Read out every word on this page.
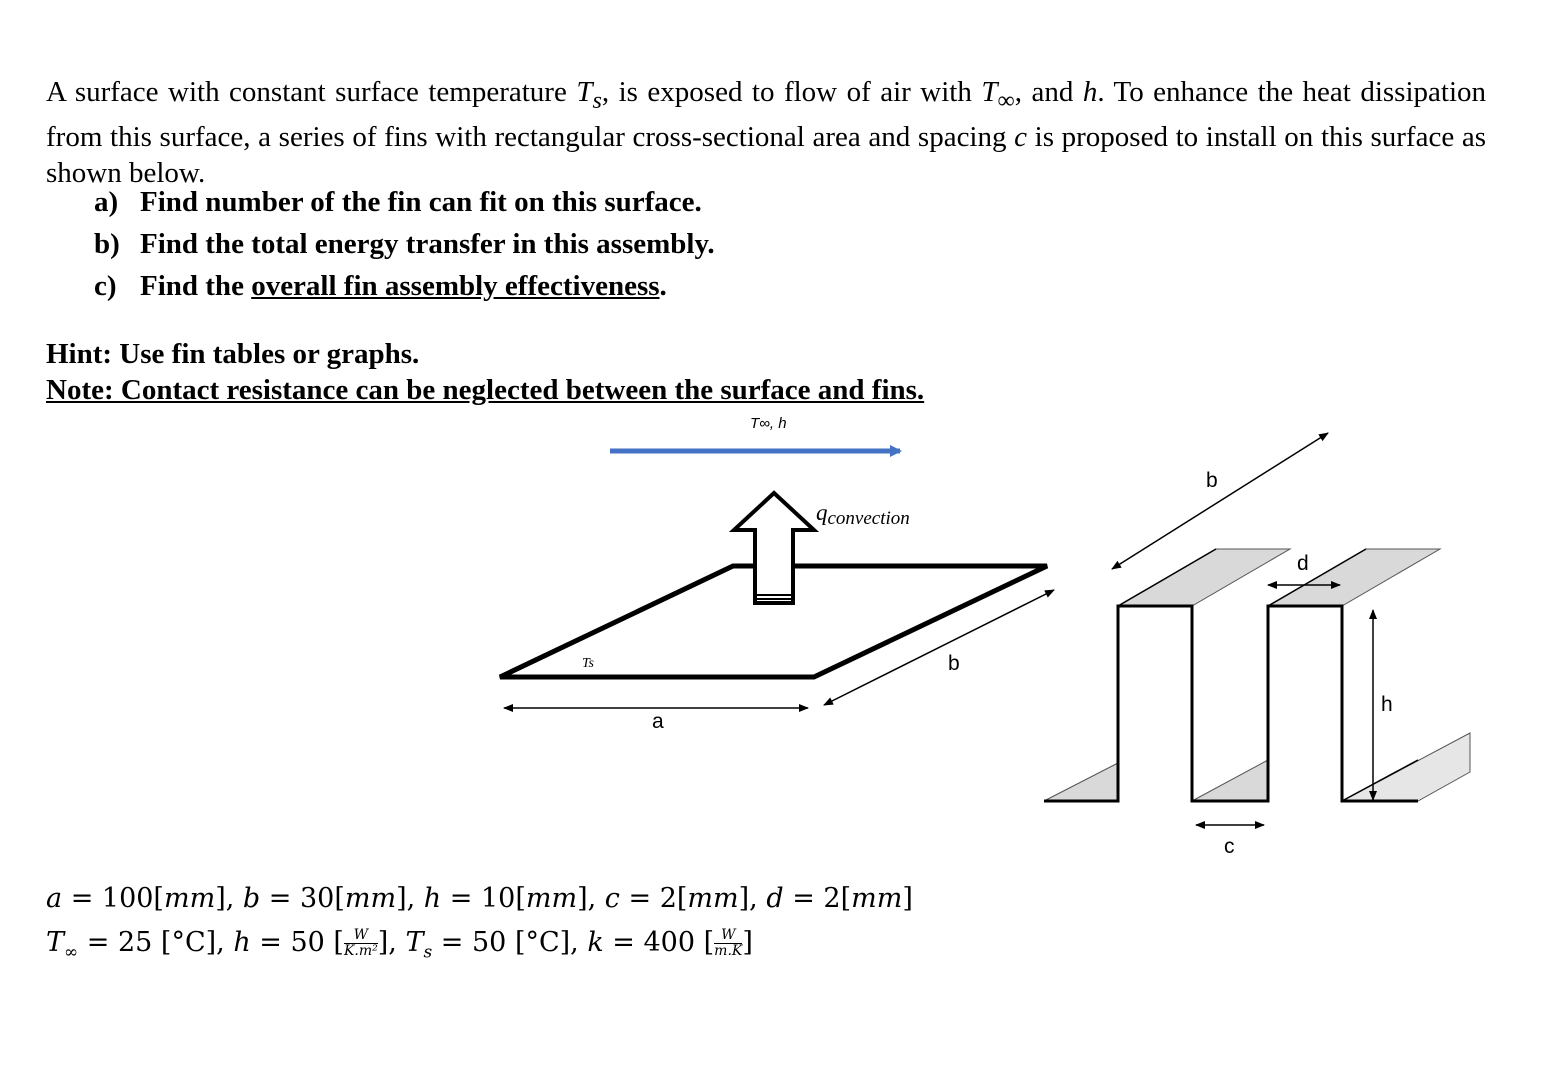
A surface with constant surface temperature $T_s$, is exposed to flow of air with $T_\infty$, and h. To enhance the heat dissipation from this surface, a series of fins with rectangular cross-sectional area and spacing c is proposed to install on this surface as shown below.
a) Find number of the fin can fit on this surface.
b) Find the total energy transfer in this assembly.
c) Find the overall fin assembly effectiveness.
Hint: Use fin tables or graphs.
Note: Contact resistance can be neglected between the surface and fins.
T∞, h
Ts
qconvection
a
b
b
d
h
c
a = 100[mm], b = 30[mm], h = 10[mm], c = 2[mm], d = 2[mm]
$T_\infty = 25$ [°C], h = 50 [ $\frac{W}{\text{K.m²}}$ ], $T_s = 50$ [°C], k = 400 [ $\frac{W}{m.K}$ ]
